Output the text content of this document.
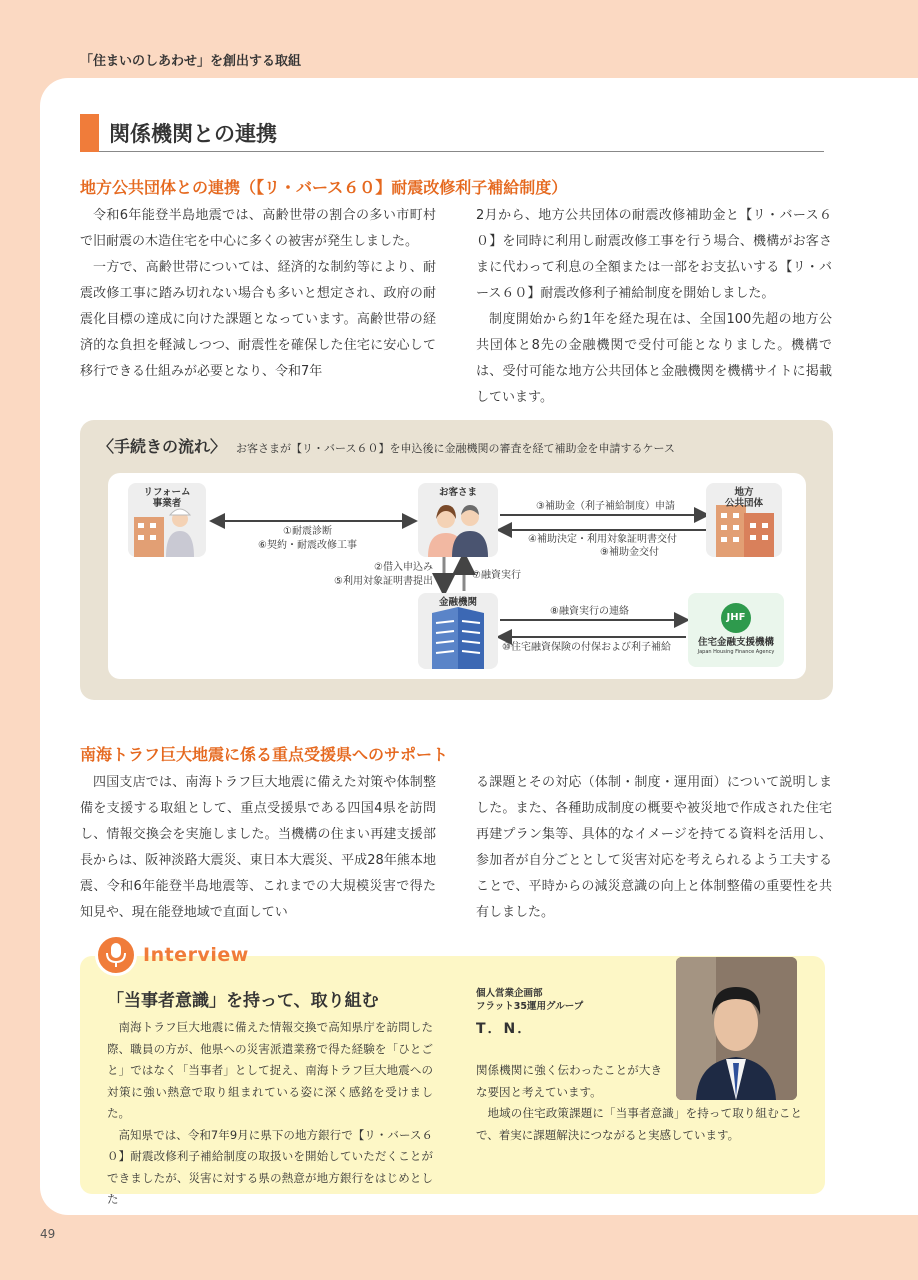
「住まいのしあわせ」を創出する取組
49
関係機関との連携
地方公共団体との連携（【リ・バース６０】耐震改修利子補給制度）

令和6年能登半島地震では、高齢世帯の割合の多い市町村で旧耐震の木造住宅を中心に多くの被害が発生しました。

一方で、高齢世帯については、経済的な制約等により、耐震改修工事に踏み切れない場合も多いと想定され、政府の耐震化目標の達成に向けた課題となっています。高齢世帯の経済的な負担を軽減しつつ、耐震性を確保した住宅に安心して移行できる仕組みが必要となり、令和7年

2月から、地方公共団体の耐震改修補助金と【リ・バース６０】を同時に利用し耐震改修工事を行う場合、機構がお客さまに代わって利息の全額または一部をお支払いする【リ・バース６０】耐震改修利子補給制度を開始しました。

制度開始から約1年を経た現在は、全国100先超の地方公共団体と8先の金融機関で受付可能となりました。機構では、受付可能な地方公共団体と金融機関を機構サイトに掲載しています。

〈手続きの流れ〉 お客さまが【リ・バース６０】を申込後に金融機関の審査を経て補助金を申請するケース
リフォーム
事業者
お客さま	地方
公共団体
金融機関
JHF
住宅金融支援機構
Japan Housing Finance Agency
①耐震診断
⑥契約・耐震改修工事
③補助金（利子補給制度）申請
④補助決定・利用対象証明書交付
⑨補助金交付
②借入申込み
⑤利用対象証明書提出
⑦融資実行
⑧融資実行の連絡
⑩住宅融資保険の付保および利子補給
南海トラフ巨大地震に係る重点受援県へのサポート

四国支店では、南海トラフ巨大地震に備えた対策や体制整備を支援する取組として、重点受援県である四国4県を訪問し、情報交換会を実施しました。当機構の住まい再建支援部長からは、阪神淡路大震災、東日本大震災、平成28年熊本地震、令和6年能登半島地震等、これまでの大規模災害で得た知見や、現在能登地域で直面してい

る課題とその対応（体制・制度・運用面）について説明しました。また、各種助成制度の概要や被災地で作成された住宅再建プラン集等、具体的なイメージを持てる資料を活用し、参加者が自分ごととして災害対応を考えられるよう工夫することで、平時からの減災意識の向上と体制整備の重要性を共有しました。

Interview
「当事者意識」を持って、取り組む

南海トラフ巨大地震に備えた情報交換で高知県庁を訪問した際、職員の方が、他県への災害派遣業務で得た経験を「ひとごと」ではなく「当事者」として捉え、南海トラフ巨大地震への対策に強い熱意で取り組まれている姿に深く感銘を受けました。

高知県では、令和7年9月に県下の地方銀行で【リ・バース６０】耐震改修利子補給制度の取扱いを開始していただくことができましたが、災害に対する県の熱意が地方銀行をはじめとした

個人営業企画部
フラット35運用グループ
T．N．

関係機関に強く伝わったことが大きな要因と考えています。

地域の住宅政策課題に「当事者意識」を持って取り組むことで、着実に課題解決につながると実感しています。
